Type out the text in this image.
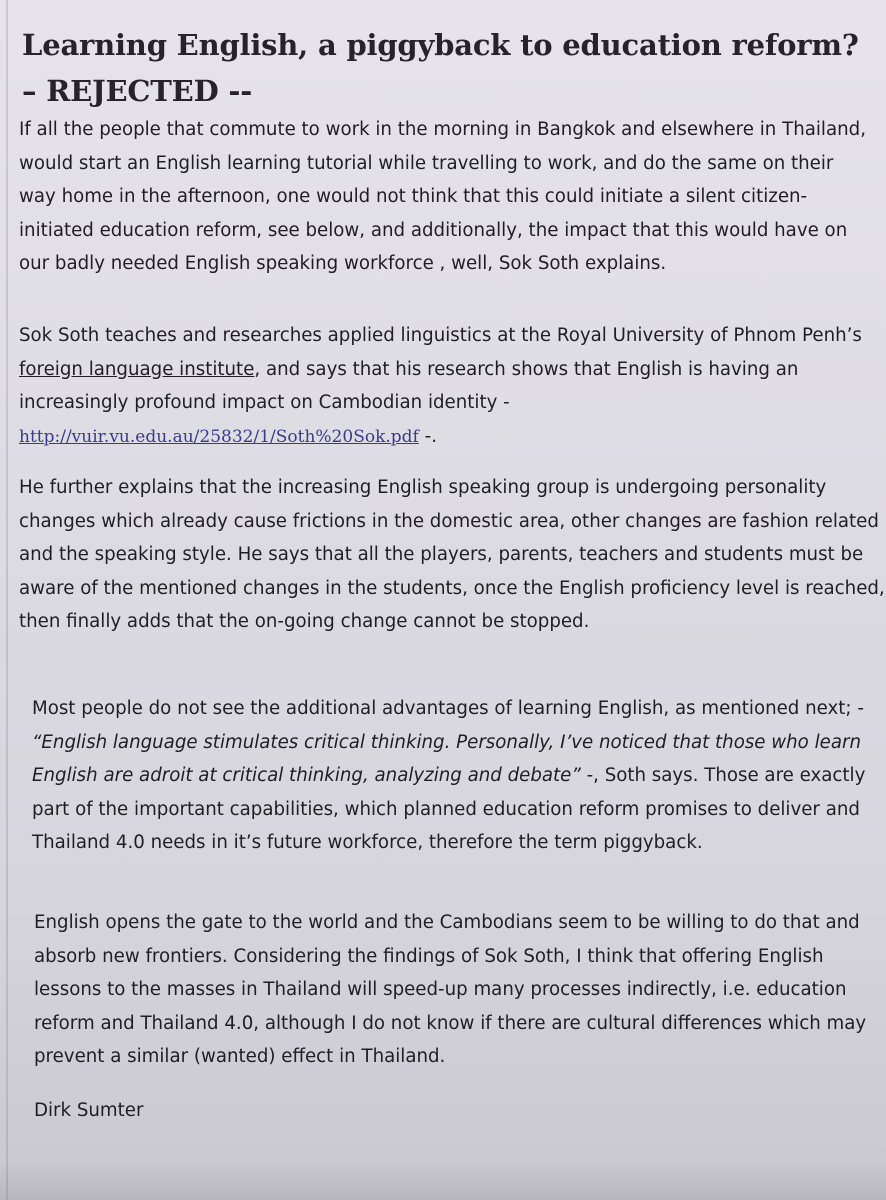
Learning English, a piggyback to education reform? – REJECTED --

If all the people that commute to work in the morning in Bangkok and elsewhere in Thailand, would start an English learning tutorial while travelling to work, and do the same on their way home in the afternoon, one would not think that this could initiate a silent citizen-initiated education reform, see below, and additionally, the impact that this would have on our badly needed English speaking workforce , well, Sok Soth explains.

Sok Soth teaches and researches applied linguistics at the Royal University of Phnom Penh’s foreign language institute, and says that his research shows that English is having an increasingly profound impact on Cambodian identity -
http://vuir.vu.edu.au/25832/1/Soth%20Sok.pdf -.

He further explains that the increasing English speaking group is undergoing personality changes which already cause frictions in the domestic area, other changes are fashion related and the speaking style. He says that all the players, parents, teachers and students must be aware of the mentioned changes in the students, once the English proficiency level is reached, then finally adds that the on-going change cannot be stopped.

Most people do not see the additional advantages of learning English, as mentioned next; - “English language stimulates critical thinking. Personally, I’ve noticed that those who learn English are adroit at critical thinking, analyzing and debate” -, Soth says. Those are exactly part of the important capabilities, which planned education reform promises to deliver and Thailand 4.0 needs in it’s future workforce, therefore the term piggyback.

English opens the gate to the world and the Cambodians seem to be willing to do that and absorb new frontiers. Considering the findings of Sok Soth, I think that offering English lessons to the masses in Thailand will speed-up many processes indirectly, i.e. education reform and Thailand 4.0, although I do not know if there are cultural differences which may prevent a similar (wanted) effect in Thailand.

Dirk Sumter
